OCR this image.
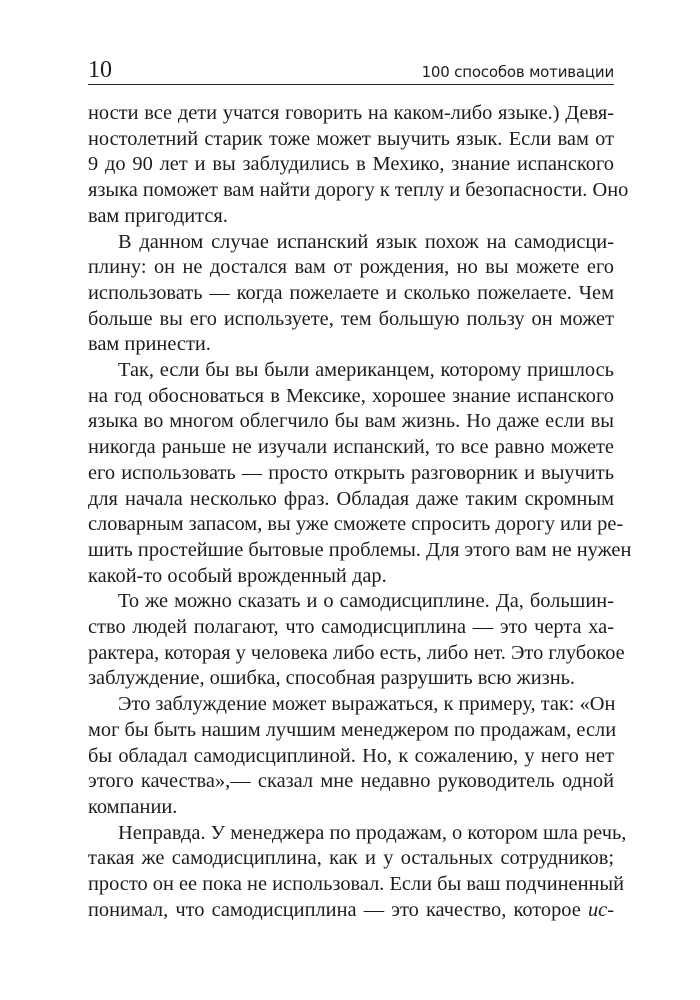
10	100 способов мотивации
ности все дети учатся говорить на каком-либо языке.) Девя-
ностолетний старик тоже может выучить язык. Если вам от
9 до 90 лет и вы заблудились в Мехико, знание испанского
языка поможет вам найти дорогу к теплу и безопасности. Оно
вам пригодится.
В данном случае испанский язык похож на самодисци-
плину: он не достался вам от рождения, но вы можете его
использовать — когда пожелаете и сколько пожелаете. Чем
больше вы его используете, тем большую пользу он может
вам принести.
Так, если бы вы были американцем, которому пришлось
на год обосноваться в Мексике, хорошее знание испанского
языка во многом облегчило бы вам жизнь. Но даже если вы
никогда раньше не изучали испанский, то все равно можете
его использовать — просто открыть разговорник и выучить
для начала несколько фраз. Обладая даже таким скромным
словарным запасом, вы уже сможете спросить дорогу или ре-
шить простейшие бытовые проблемы. Для этого вам не нужен
какой-то особый врожденный дар.
То же можно сказать и о самодисциплине. Да, большин-
ство людей полагают, что самодисциплина — это черта ха-
рактера, которая у человека либо есть, либо нет. Это глубокое
заблуждение, ошибка, способная разрушить всю жизнь.
Это заблуждение может выражаться, к примеру, так: «Он
мог бы быть нашим лучшим менеджером по продажам, если
бы обладал самодисциплиной. Но, к сожалению, у него нет
этого качества»,— сказал мне недавно руководитель одной
компании.
Неправда. У менеджера по продажам, о котором шла речь,
такая же самодисциплина, как и у остальных сотрудников;
просто он ее пока не использовал. Если бы ваш подчиненный
понимал, что самодисциплина — это качество, которое ис-
